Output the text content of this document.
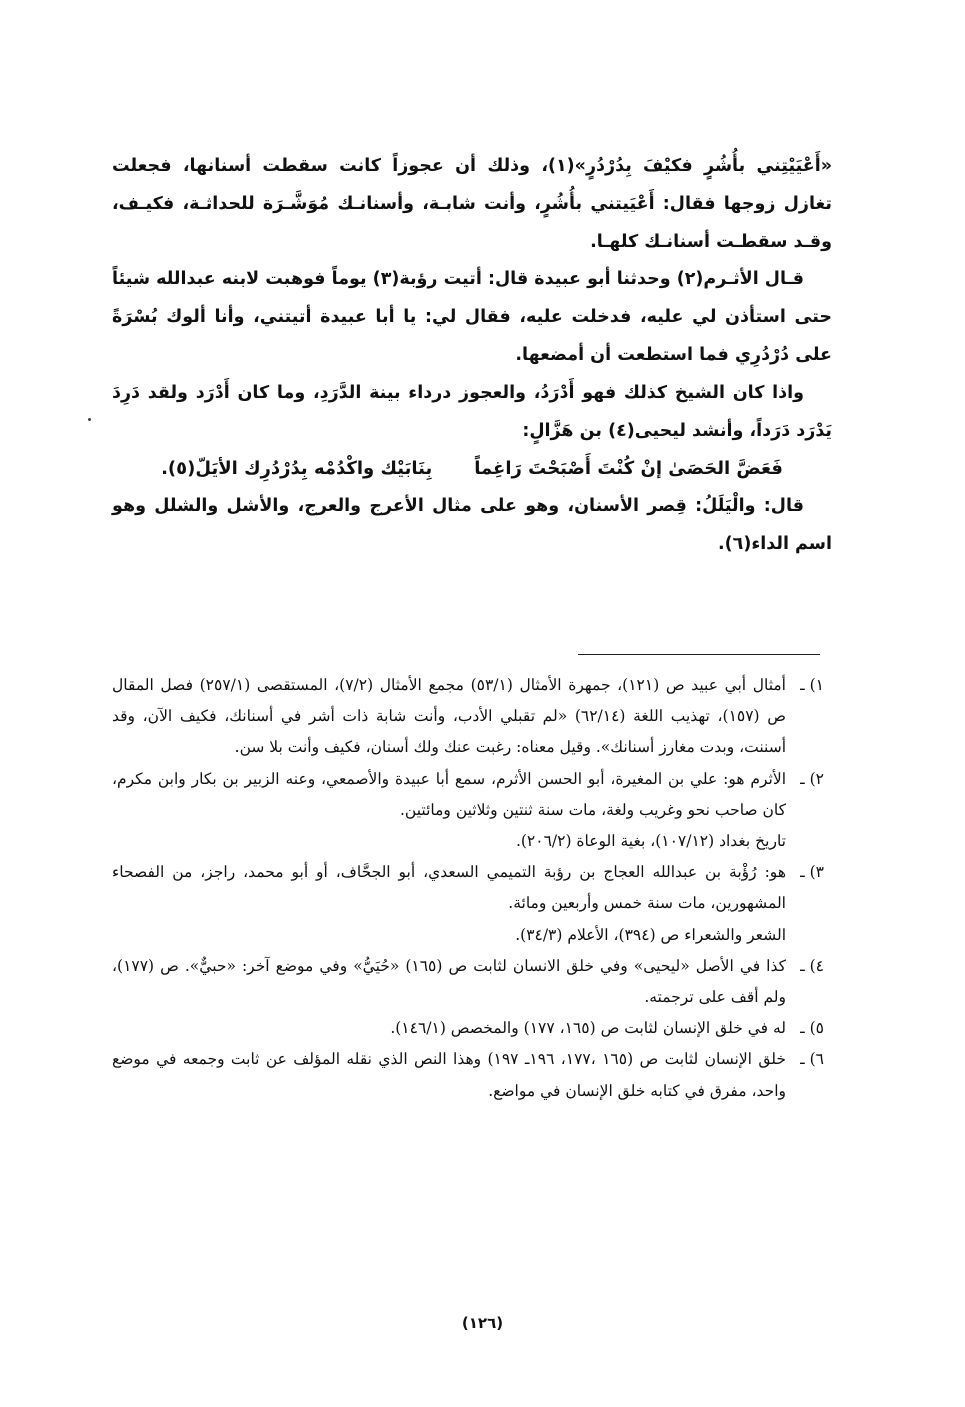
«أَعْيَيْتِني بأُشُرٍ فكيْفَ بِدُرْدُرٍ»(١)، وذلك أن عجوزاً كانت سقطت أسنانها، فجعلت تغازل زوجها فقال: أَعْيَيتني بأُشُرٍ، وأنت شابـة، وأسنانـك مُوَشَّـرَة للحداثـة، فكيـف، وقـد سقطـت أسنانـك كلهـا.

قـال الأثـرم(٢) وحدثنا أبو عبيدة قال: أتيت رؤبة(٣) يوماً فوهبت لابنه عبدالله شيئاً حتى استأذن لي عليه، فدخلت عليه، فقال لي: يا أبا عبيدة أتيتني، وأنا ألوك بُسْرَةً على دُرْدُرِي فما استطعت أن أمضعها.

واذا كان الشيخ كذلك فهو أَدْرَدُ، والعجوز درداء بينة الدَّرَدِ، وما كان أَدْرَد ولقد دَرِدَ يَدْرَد دَرَداً، وأنشد ليحيى(٤) بن هَزَّالٍ:

فَعَضَّ الحَصَىٰ إنْ كُنْتَ أَصْبَحْتَ رَاغِماً
بِنَابَيْك واكْدُمْه بِدُرْدُرِك الأيَلّ(٥).

قال: والْيَلَلُ: قِصر الأسنان، وهو على مثال الأعرج والعرج، والأشل والشلل وهو اسم الداء(٦).

١) ـ
أمثال أبي عبيد ص (١٢١)، جمهرة الأمثال (٥٣/١) مجمع الأمثال (٧/٢)، المستقصى (٢٥٧/١) فصل المقال ص (١٥٧)، تهذيب اللغة (٦٢/١٤) «لم تقبلي الأدب، وأنت شابة ذات أشر في أسنانك، فكيف الآن، وقد أسننت، وبدت مغارز أسنانك». وقيل معناه: رغبت عنك ولك أسنان، فكيف وأنت بلا سن.
٢) ـ
الأثرم هو: علي بن المغيرة، أبو الحسن الأثرم، سمع أبا عبيدة والأصمعي، وعنه الزبير بن بكار وابن مكرم، كان صاحب نحو وغريب ولغة، مات سنة ثنتين وثلاثين ومائتين.
تاريخ بغداد (١٠٧/١٢)، بغية الوعاة (٢٠٦/٢).
٣) ـ
هو: رُؤْبة بن عبدالله العجاج بن رؤبة التميمي السعدي، أبو الجحَّاف، أو أبو محمد، راجز، من الفصحاء المشهورين، مات سنة خمس وأربعين ومائة.
الشعر والشعراء ص (٣٩٤)، الأعلام (٣٤/٣).
٤) ـ
كذا في الأصل «ليحيى» وفي خلق الانسان لثابت ص (١٦٥) «حُيَيُّ» وفي موضع آخر: «حبيٌّ». ص (١٧٧)، ولم أقف على ترجمته.
٥) ـ
له في خلق الإنسان لثابت ص (١٦٥، ١٧٧) والمخصص (١٤٦/١).
٦) ـ
خلق الإنسان لثابت ص (١٦٥ ،١٧٧، ١٩٦ـ ١٩٧) وهذا النص الذي نقله المؤلف عن ثابت وجمعه في موضع واحد، مفرق في كتابه خلق الإنسان في مواضع.
(١٢٦)
